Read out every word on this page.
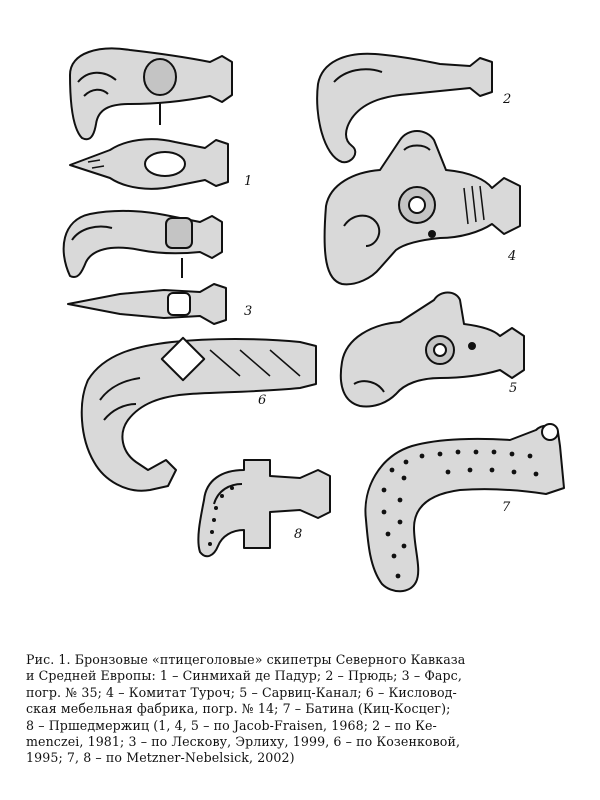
1
2
3
4
5
6
7
8
Рис. 1. Бронзовые «птицеголовые» скипетры Северного Кавказа
и Средней Европы: 1 – Синмихай де Падур; 2 – Прюдь; 3 – Фарс,
погр. № 35; 4 – Комитат Туроч; 5 – Сарвиц-Канал; 6 – Кисловод-
ская мебельная фабрика, погр. № 14; 7 – Батина (Киц-Косцег);
8 – Пршедмержиц (1, 4, 5 – по Jacob-Fraisen, 1968; 2 – по Ке-
menczei, 1981; 3 – по Лескову, Эрлиху, 1999, 6 – по Козенковой,
1995; 7, 8 – по Metzner-Nebelsick, 2002)
